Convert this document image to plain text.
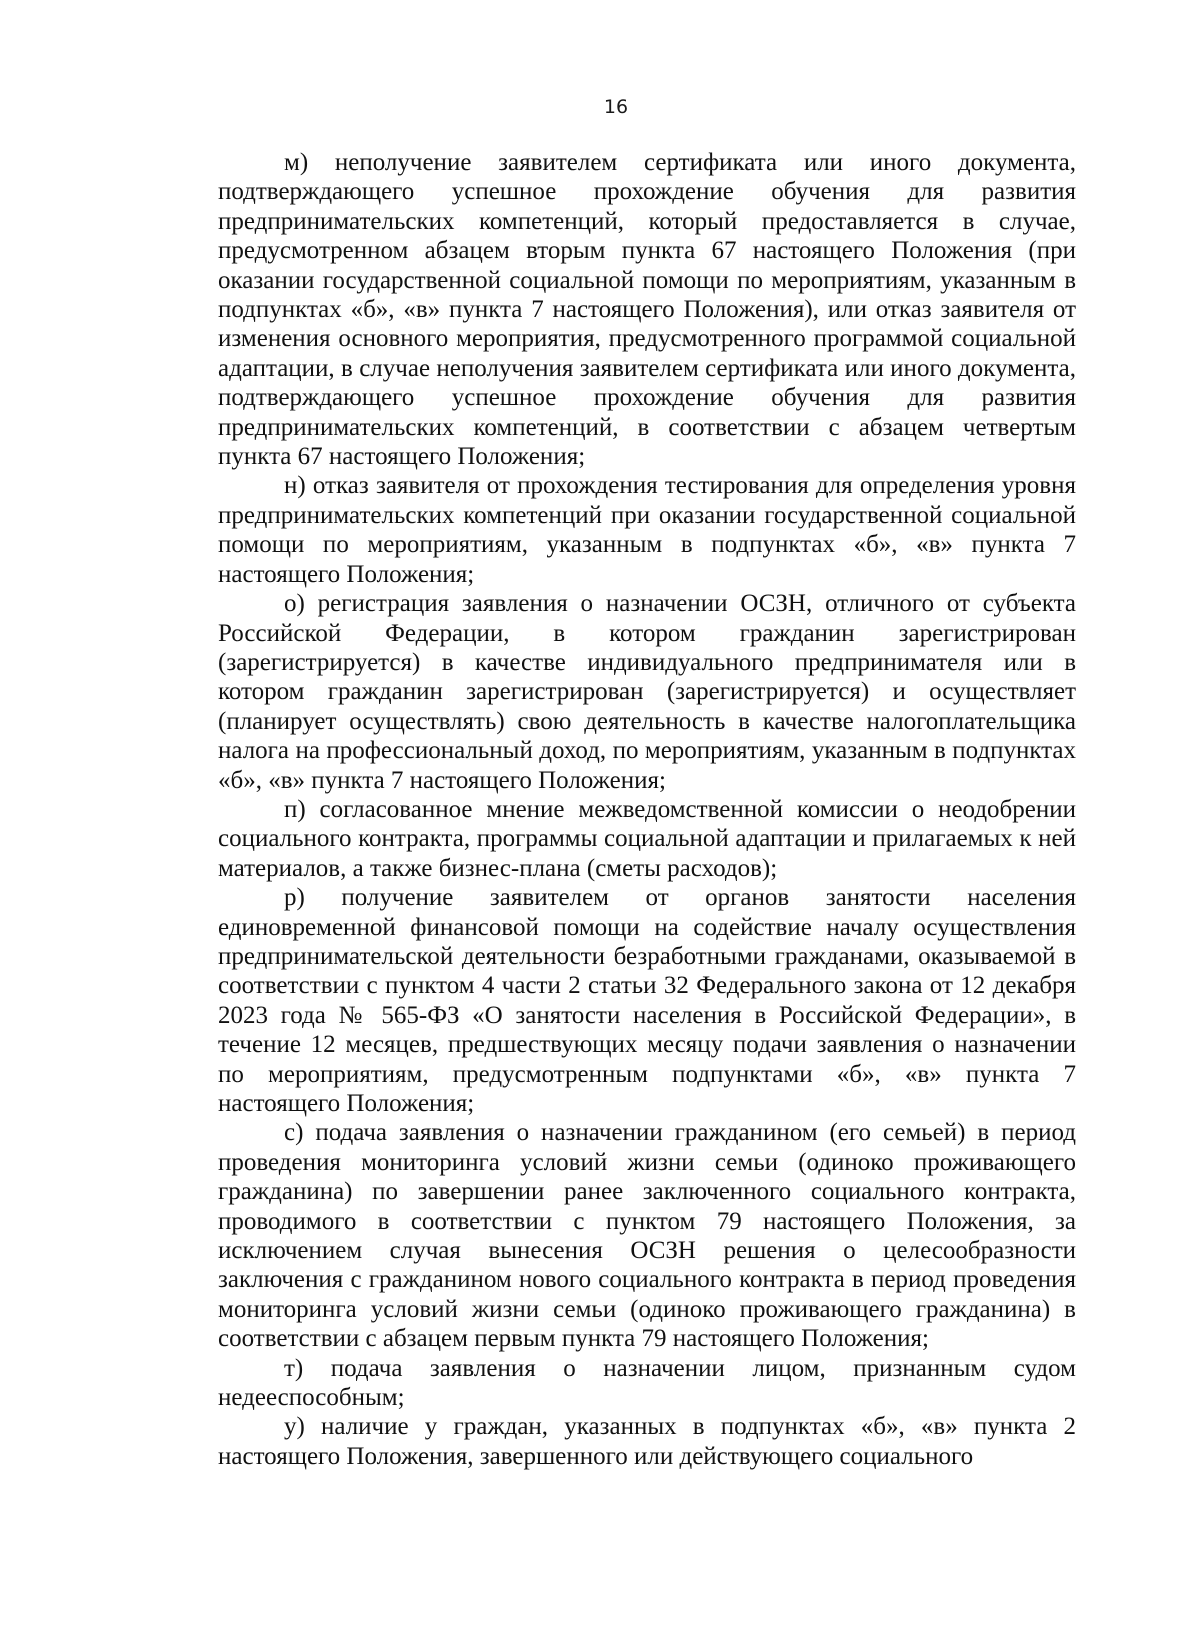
16

м) неполучение заявителем сертификата или иного документа, подтверждающего успешное прохождение обучения для развития предпринимательских компетенций, который предоставляется в случае, предусмотренном абзацем вторым пункта 67 настоящего Положения (при оказании государственной социальной помощи по мероприятиям, указанным в подпунктах «б», «в» пункта 7 настоящего Положения), или отказ заявителя от изменения основного мероприятия, предусмотренного программой социальной адаптации, в случае неполучения заявителем сертификата или иного документа, подтверждающего успешное прохождение обучения для развития предпринимательских компетенций, в соответствии с абзацем четвертым пункта 67 настоящего Положения;

н) отказ заявителя от прохождения тестирования для определения уровня предпринимательских компетенций при оказании государственной социальной помощи по мероприятиям, указанным в подпунктах «б», «в» пункта 7 настоящего Положения;

о) регистрация заявления о назначении ОСЗН, отличного от субъекта Российской Федерации, в котором гражданин зарегистрирован (зарегистрируется) в качестве индивидуального предпринимателя или в котором гражданин зарегистрирован (зарегистрируется) и осуществляет (планирует осуществлять) свою деятельность в качестве налогоплательщика налога на профессиональный доход, по мероприятиям, указанным в подпунктах «б», «в» пункта 7 настоящего Положения;

п) согласованное мнение межведомственной комиссии о неодобрении социального контракта, программы социальной адаптации и прилагаемых к ней материалов, а также бизнес-плана (сметы расходов);

р) получение заявителем от органов занятости населения единовременной финансовой помощи на содействие началу осуществления предпринимательской деятельности безработными гражданами, оказываемой в соответствии с пунктом 4 части 2 статьи 32 Федерального закона от 12 декабря 2023 года № 565-ФЗ «О занятости населения в Российской Федерации», в течение 12 месяцев, предшествующих месяцу подачи заявления о назначении по мероприятиям, предусмотренным подпунктами «б», «в» пункта 7 настоящего Положения;

с) подача заявления о назначении гражданином (его семьей) в период проведения мониторинга условий жизни семьи (одиноко проживающего гражданина) по завершении ранее заключенного социального контракта, проводимого в соответствии с пунктом 79 настоящего Положения, за исключением случая вынесения ОСЗН решения о целесообразности заключения с гражданином нового социального контракта в период проведения мониторинга условий жизни семьи (одиноко проживающего гражданина) в соответствии с абзацем первым пункта 79 настоящего Положения;

т) подача заявления о назначении лицом, признанным судом недееспособным;

у) наличие у граждан, указанных в подпунктах «б», «в» пункта 2 настоящего Положения, завершенного или действующего социального
